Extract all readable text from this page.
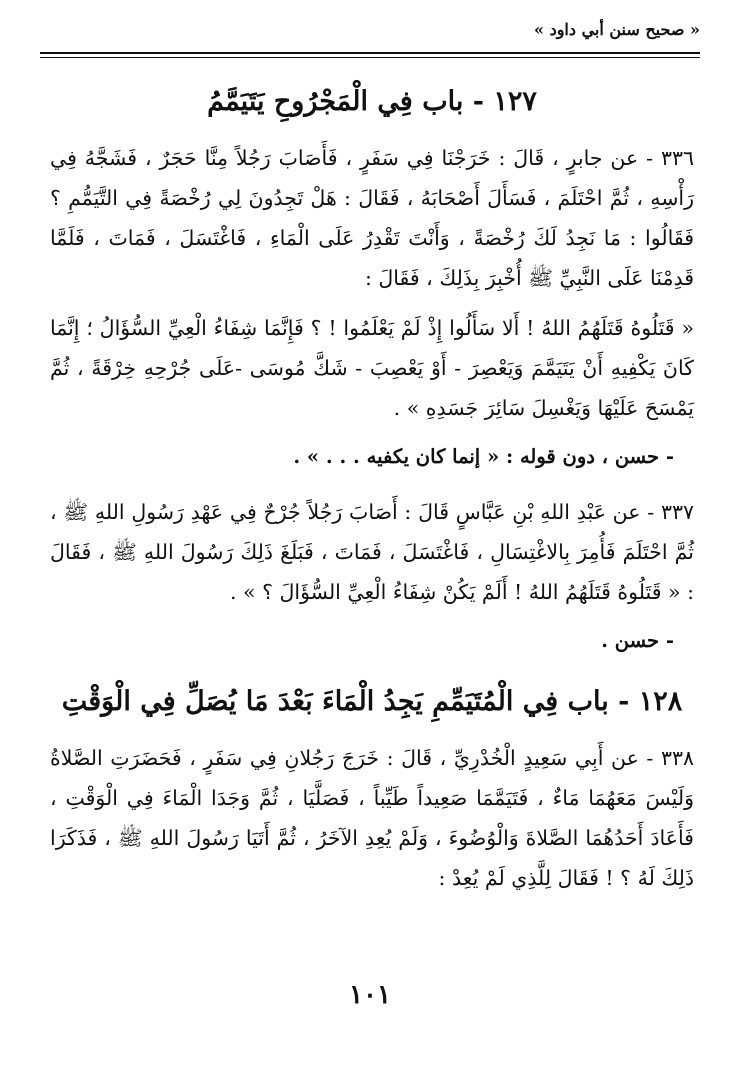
« صحيح سنن أبي داود »
١٢٧ - باب فِي الْمَجْرُوحِ يَتَيَمَّمُ

٣٣٦ - عن جابرٍ ، قَالَ : خَرَجْنَا فِي سَفَرٍ ، فَأَصَابَ رَجُلاً مِنَّا حَجَرٌ ، فَشَجَّهُ فِي رَأْسِهِ ، ثُمَّ احْتَلَمَ ، فَسَأَلَ أَصْحَابَهُ ، فَقَالَ : هَلْ تَجِدُونَ لِي رُخْصَةً فِي التَّيَمُّمِ ؟ فَقَالُوا : مَا نَجِدُ لَكَ رُخْصَةً ، وَأَنْتَ تَقْدِرُ عَلَى الْمَاءِ ، فَاغْتَسَلَ ، فَمَاتَ ، فَلَمَّا قَدِمْنَا عَلَى النَّبِيِّ ﷺ أُخْبِرَ بِذَلِكَ ، فَقَالَ :

« قَتَلُوهُ قَتَلَهُمُ اللهُ ! أَلا سَأَلُوا إِذْ لَمْ يَعْلَمُوا ! ؟ فَإِنَّمَا شِفَاءُ الْعِيِّ السُّؤَالُ ؛ إِنَّمَا كَانَ يَكْفِيهِ أَنْ يَتَيَمَّمَ وَيَعْصِرَ - أَوْ يَعْصِبَ - شَكَّ مُوسَى -عَلَى جُرْحِهِ خِرْقَةً ، ثُمَّ يَمْسَحَ عَلَيْهَا وَيَغْسِلَ سَائِرَ جَسَدِهِ » .

- حسن ، دون قوله : « إنما كان يكفيه . . . » .

٣٣٧ - عن عَبْدِ اللهِ بْنِ عَبَّاسٍ قَالَ : أَصَابَ رَجُلاً جُرْحٌ فِي عَهْدِ رَسُولِ اللهِ ﷺ ، ثُمَّ احْتَلَمَ فَأُمِرَ بِالاغْتِسَالِ ، فَاغْتَسَلَ ، فَمَاتَ ، فَبَلَغَ ذَلِكَ رَسُولَ اللهِ ﷺ ، فَقَالَ : « قَتَلُوهُ قَتَلَهُمُ اللهُ ! أَلَمْ يَكُنْ شِفَاءُ الْعِيِّ السُّؤَالَ ؟ » .

- حسن .
١٢٨ - باب فِي الْمُتَيَمِّمِ يَجِدُ الْمَاءَ بَعْدَ مَا يُصَلِّ فِي الْوَقْتِ

٣٣٨ - عن أَبِي سَعِيدٍ الْخُدْرِيِّ ، قَالَ : خَرَجَ رَجُلانِ فِي سَفَرٍ ، فَحَضَرَتِ الصَّلاةُ وَلَيْسَ مَعَهُمَا مَاءٌ ، فَتَيَمَّمَا صَعِيداً طَيِّباً ، فَصَلَّيَا ، ثُمَّ وَجَدَا الْمَاءَ فِي الْوَقْتِ ، فَأَعَادَ أَحَدُهُمَا الصَّلاةَ وَالْوُضُوءَ ، وَلَمْ يُعِدِ الآخَرُ ، ثُمَّ أَتَيَا رَسُولَ اللهِ ﷺ ، فَذَكَرَا ذَلِكَ لَهُ ؟ ! فَقَالَ لِلَّذِي لَمْ يُعِدْ :

١٠١
